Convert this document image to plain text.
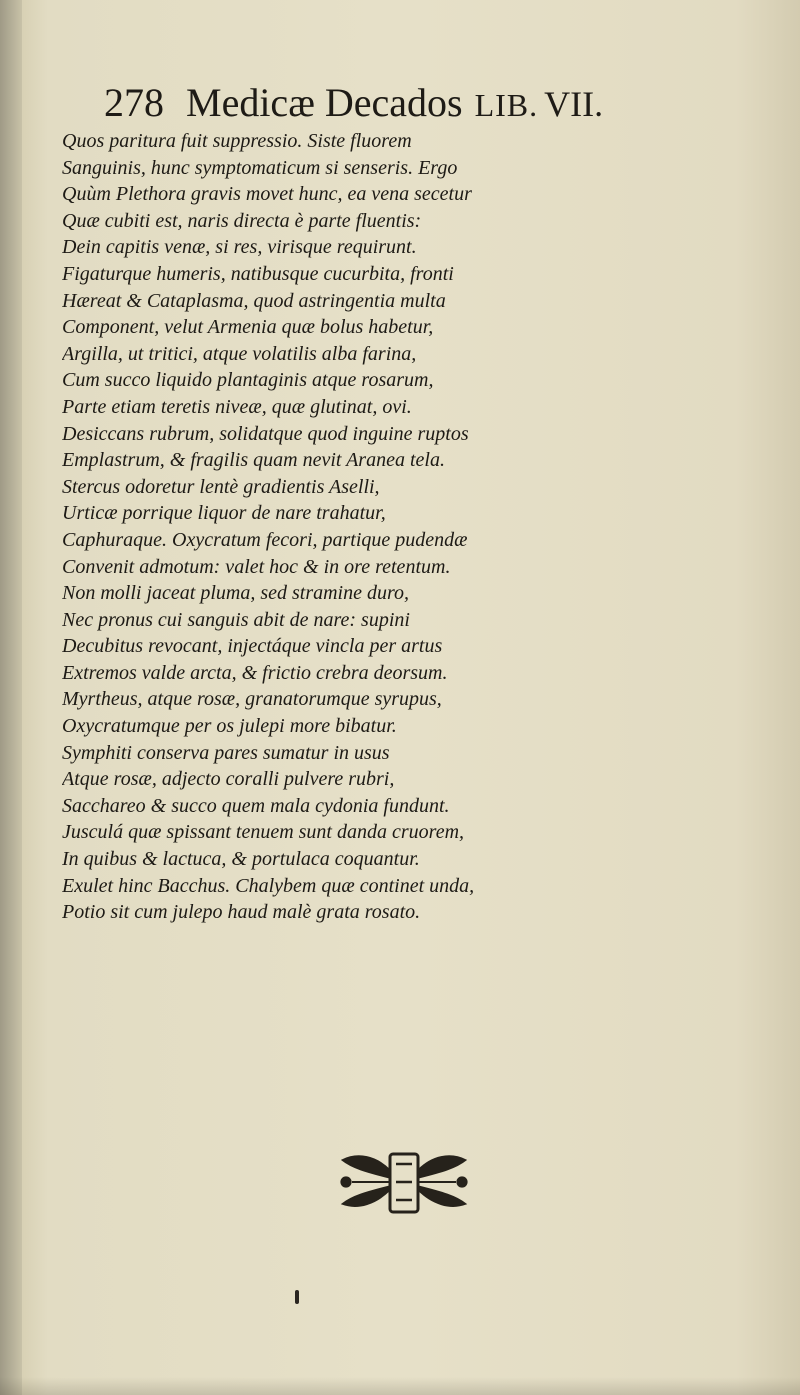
278 Medicæ Decados LIB. VII.
Quos paritura fuit suppressio. Siste fluorem
Sanguinis, hunc symptomaticum si senseris. Ergo
Quùm Plethora gravis movet hunc, ea vena secetur
Quæ cubiti est, naris directa è parte fluentis:
Dein capitis venæ, si res, virisque requirunt.
Figaturque humeris, natibusque cucurbita, fronti
Hæreat & Cataplasma, quod astringentia multa
Component, velut Armenia quæ bolus habetur,
Argilla, ut tritici, atque volatilis alba farina,
Cum succo liquido plantaginis atque rosarum,
Parte etiam teretis niveæ, quæ glutinat, ovi.
Desiccans rubrum, solidatque quod inguine ruptos
Emplastrum, & fragilis quam nevit Aranea tela.
Stercus odoretur lentè gradientis Aselli,
Urticæ porrique liquor de nare trahatur,
Caphuraque. Oxycratum fecori, partique pudendæ
Convenit admotum: valet hoc & in ore retentum.
Non molli jaceat pluma, sed stramine duro,
Nec pronus cui sanguis abit de nare: supini
Decubitus revocant, injectáque vincla per artus
Extremos valde arcta, & frictio crebra deorsum.
Myrtheus, atque rosæ, granatorumque syrupus,
Oxycratumque per os julepi more bibatur.
Symphiti conserva pares sumatur in usus
Atque rosæ, adjecto coralli pulvere rubri,
Sacchareo & succo quem mala cydonia fundunt.
Jusculá quæ spissant tenuem sunt danda cruorem,
In quibus & lactuca, & portulaca coquantur.
Exulet hinc Bacchus. Chalybem quæ continet unda,
Potio sit cum julepo haud malè grata rosato.
